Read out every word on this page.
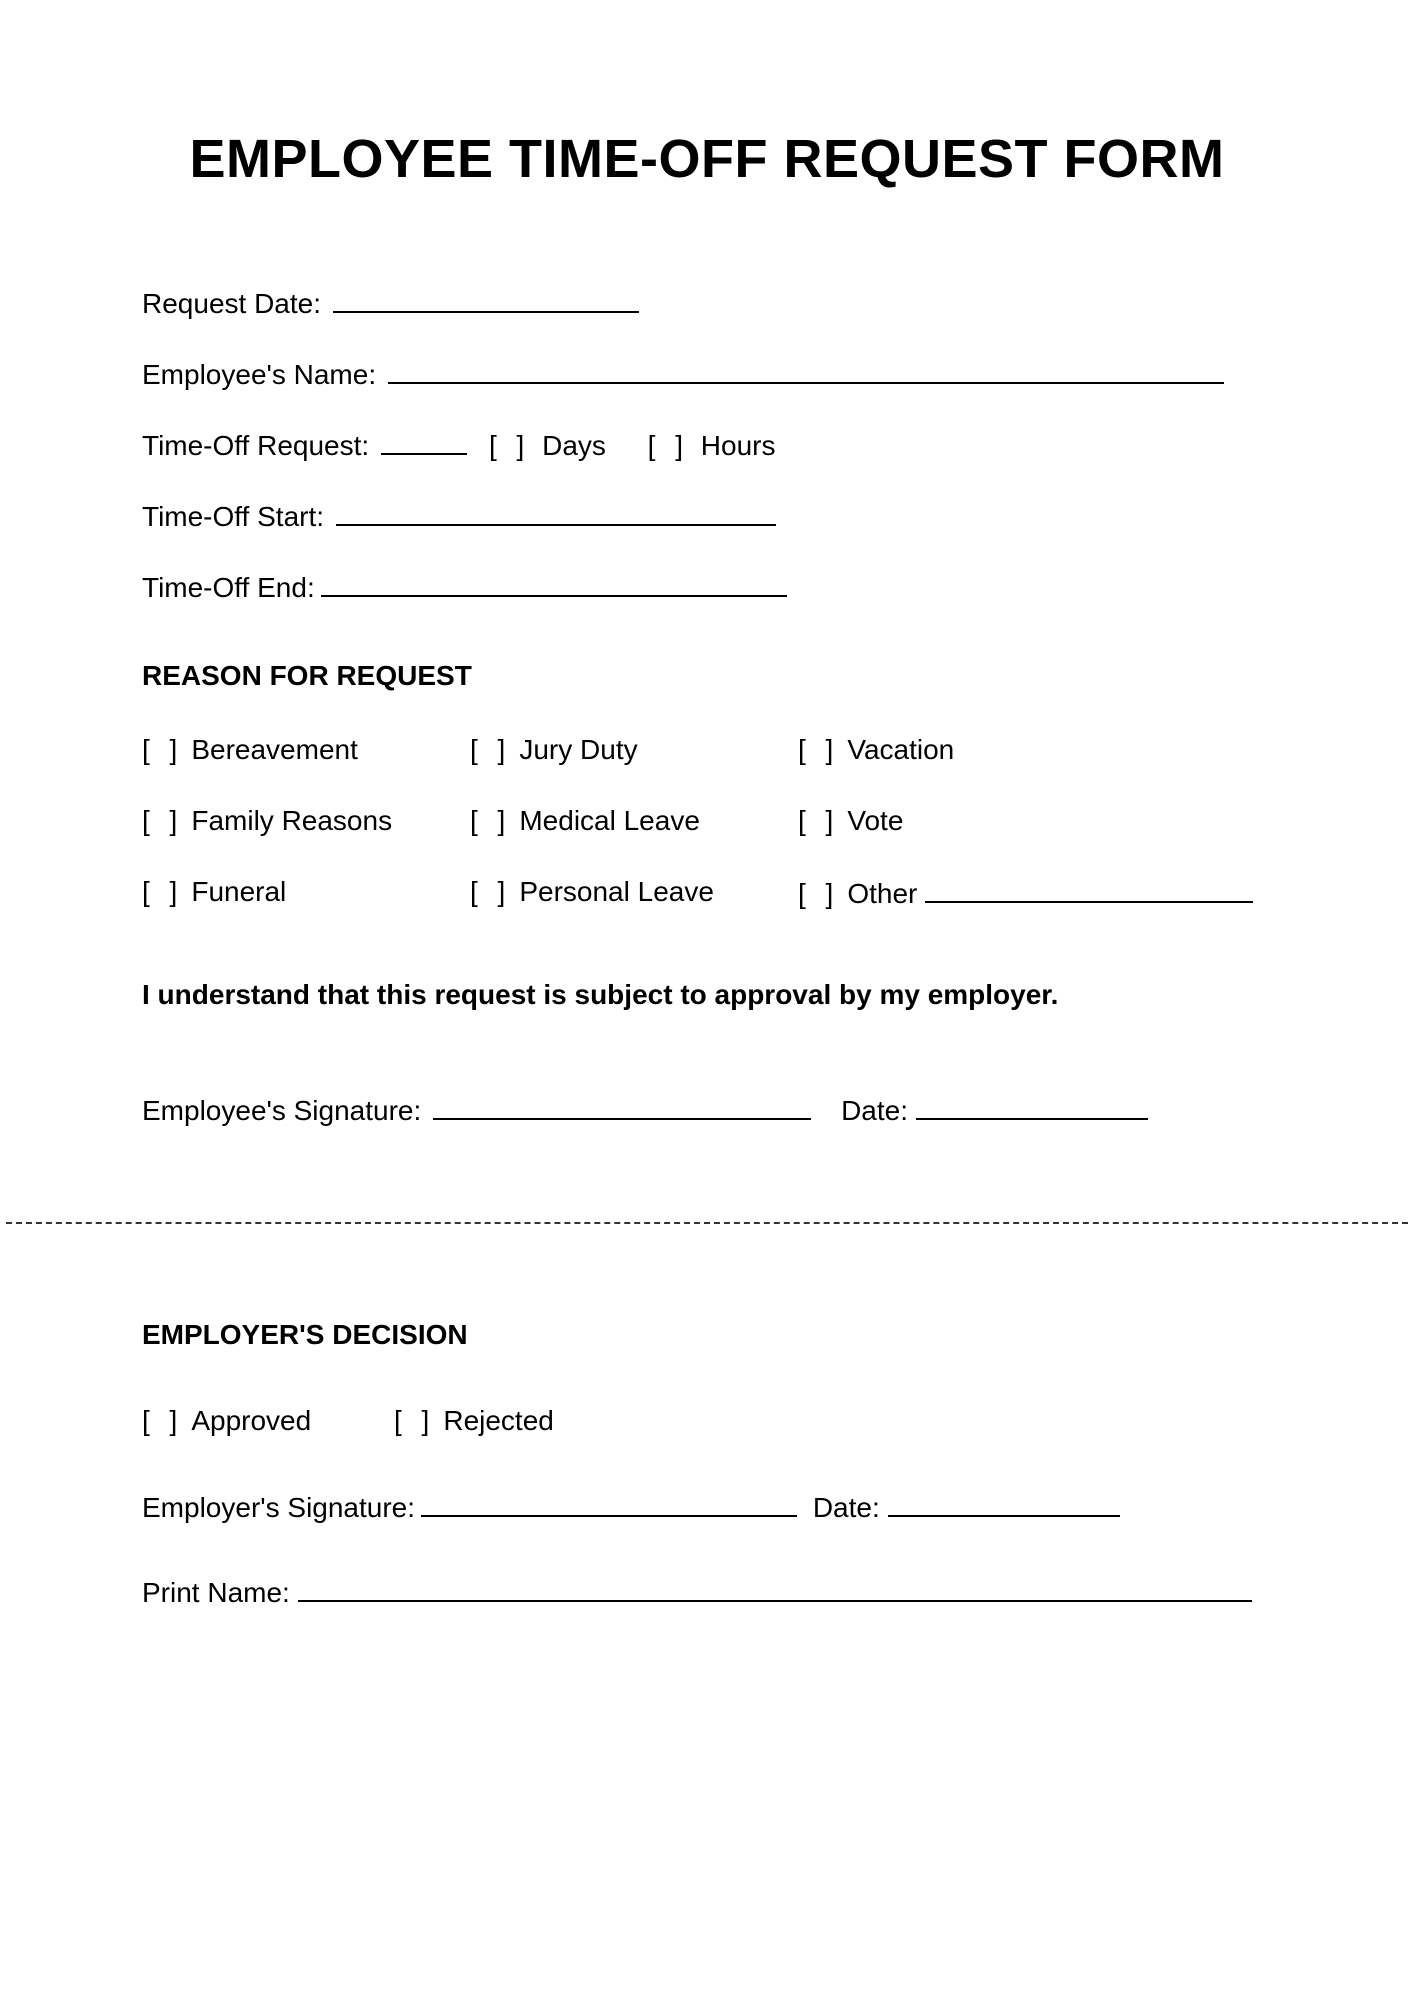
EMPLOYEE TIME-OFF REQUEST FORM
Request Date:
Employee's Name:
Time-Off Request:	[ ] Days [ ] Hours
Time-Off Start:
Time-Off End:
REASON FOR REQUEST
[ ] Bereavement	[ ] Jury Duty	[ ] Vacation
[ ] Family Reasons	[ ] Medical Leave	[ ] Vote
[ ] Funeral	[ ] Personal Leave	[ ] Other
I understand that this request is subject to approval by my employer.
Employee's Signature:	Date:
EMPLOYER'S DECISION
[ ] Approved	[ ] Rejected
Employer's Signature:	Date:
Print Name:
